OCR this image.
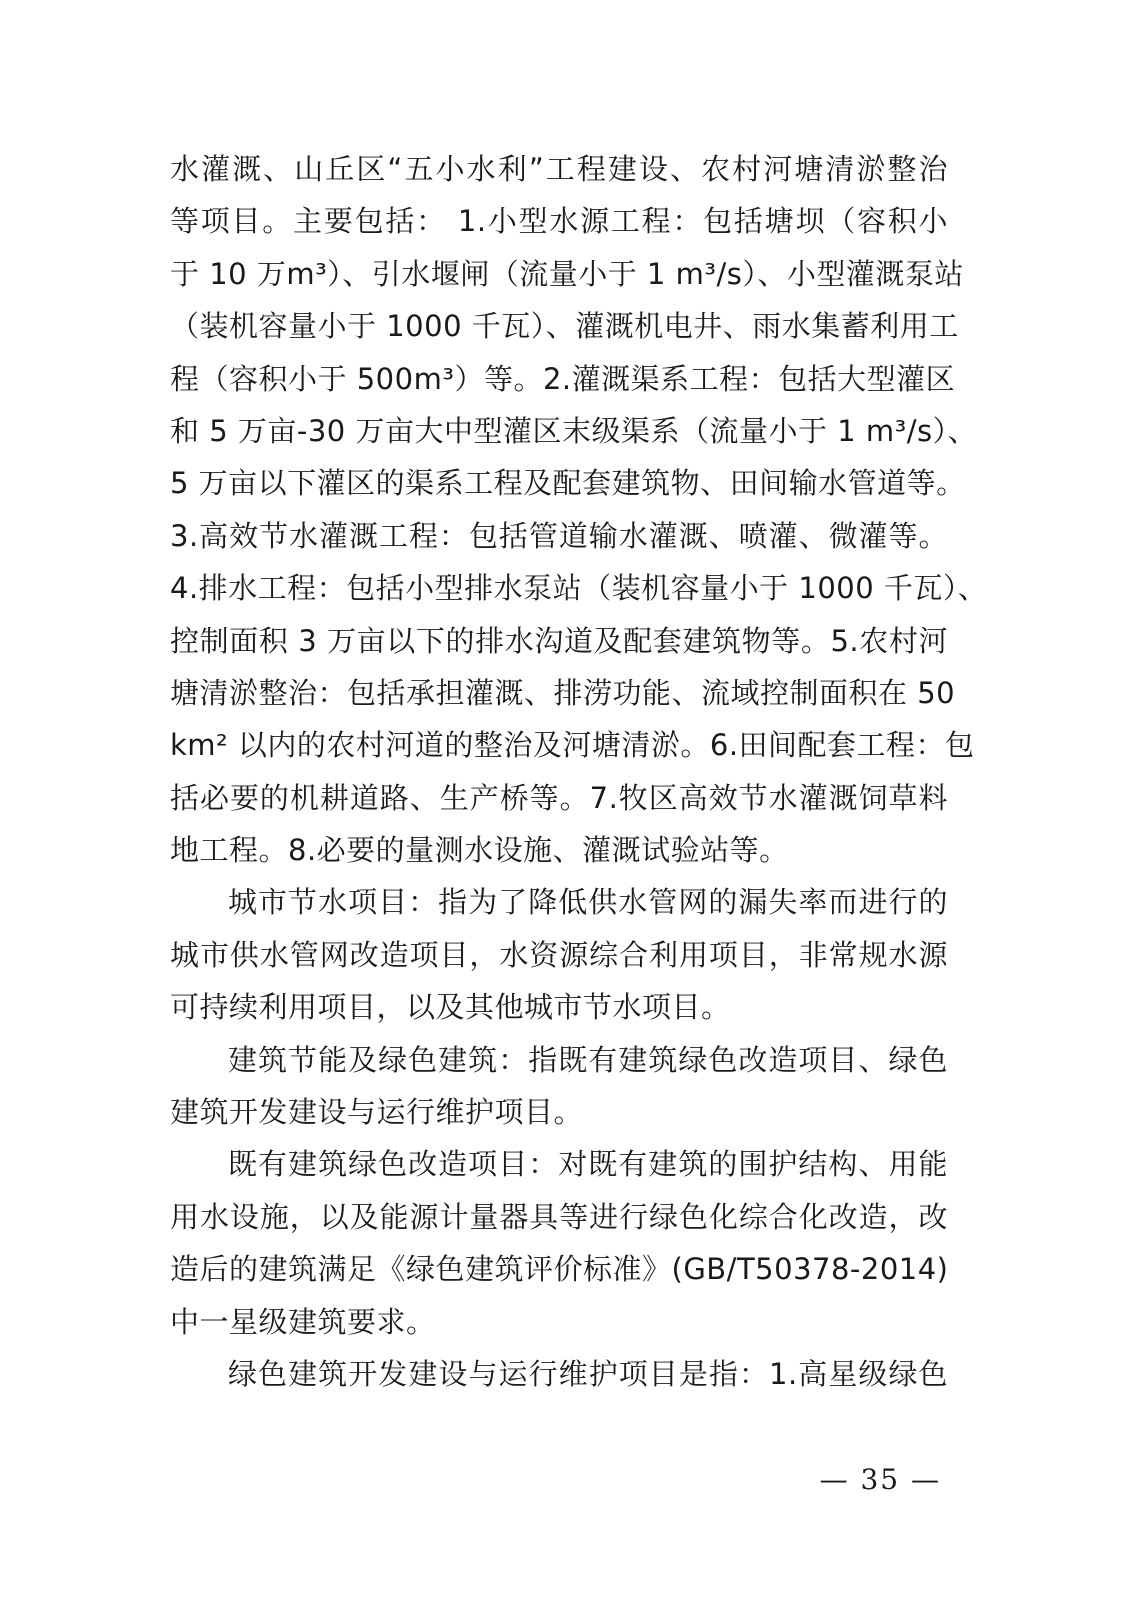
水灌溉、山丘区“五小水利”工程建设、农村河塘清淤整治
等项目。主要包括： 1.小型水源工程：包括塘坝（容积小
于 10 万m³）、引水堰闸（流量小于 1 m³/s）、小型灌溉泵站
（装机容量小于 1000 千瓦）、灌溉机电井、雨水集蓄利用工
程（容积小于 500m³）等。2.灌溉渠系工程：包括大型灌区
和 5 万亩-30 万亩大中型灌区末级渠系（流量小于 1 m³/s）、
5 万亩以下灌区的渠系工程及配套建筑物、田间输水管道等。
3.高效节水灌溉工程：包括管道输水灌溉、喷灌、微灌等。
4.排水工程：包括小型排水泵站（装机容量小于 1000 千瓦）、
控制面积 3 万亩以下的排水沟道及配套建筑物等。5.农村河
塘清淤整治：包括承担灌溉、排涝功能、流域控制面积在 50
km² 以内的农村河道的整治及河塘清淤。6.田间配套工程：包
括必要的机耕道路、生产桥等。7.牧区高效节水灌溉饲草料
地工程。8.必要的量测水设施、灌溉试验站等。
城市节水项目：指为了降低供水管网的漏失率而进行的
城市供水管网改造项目，水资源综合利用项目，非常规水源
可持续利用项目，以及其他城市节水项目。
建筑节能及绿色建筑：指既有建筑绿色改造项目、绿色
建筑开发建设与运行维护项目。
既有建筑绿色改造项目：对既有建筑的围护结构、用能
用水设施，以及能源计量器具等进行绿色化综合化改造，改
造后的建筑满足《绿色建筑评价标准》(GB/T50378-2014)
中一星级建筑要求。
绿色建筑开发建设与运行维护项目是指：1.高星级绿色
— 35 —
